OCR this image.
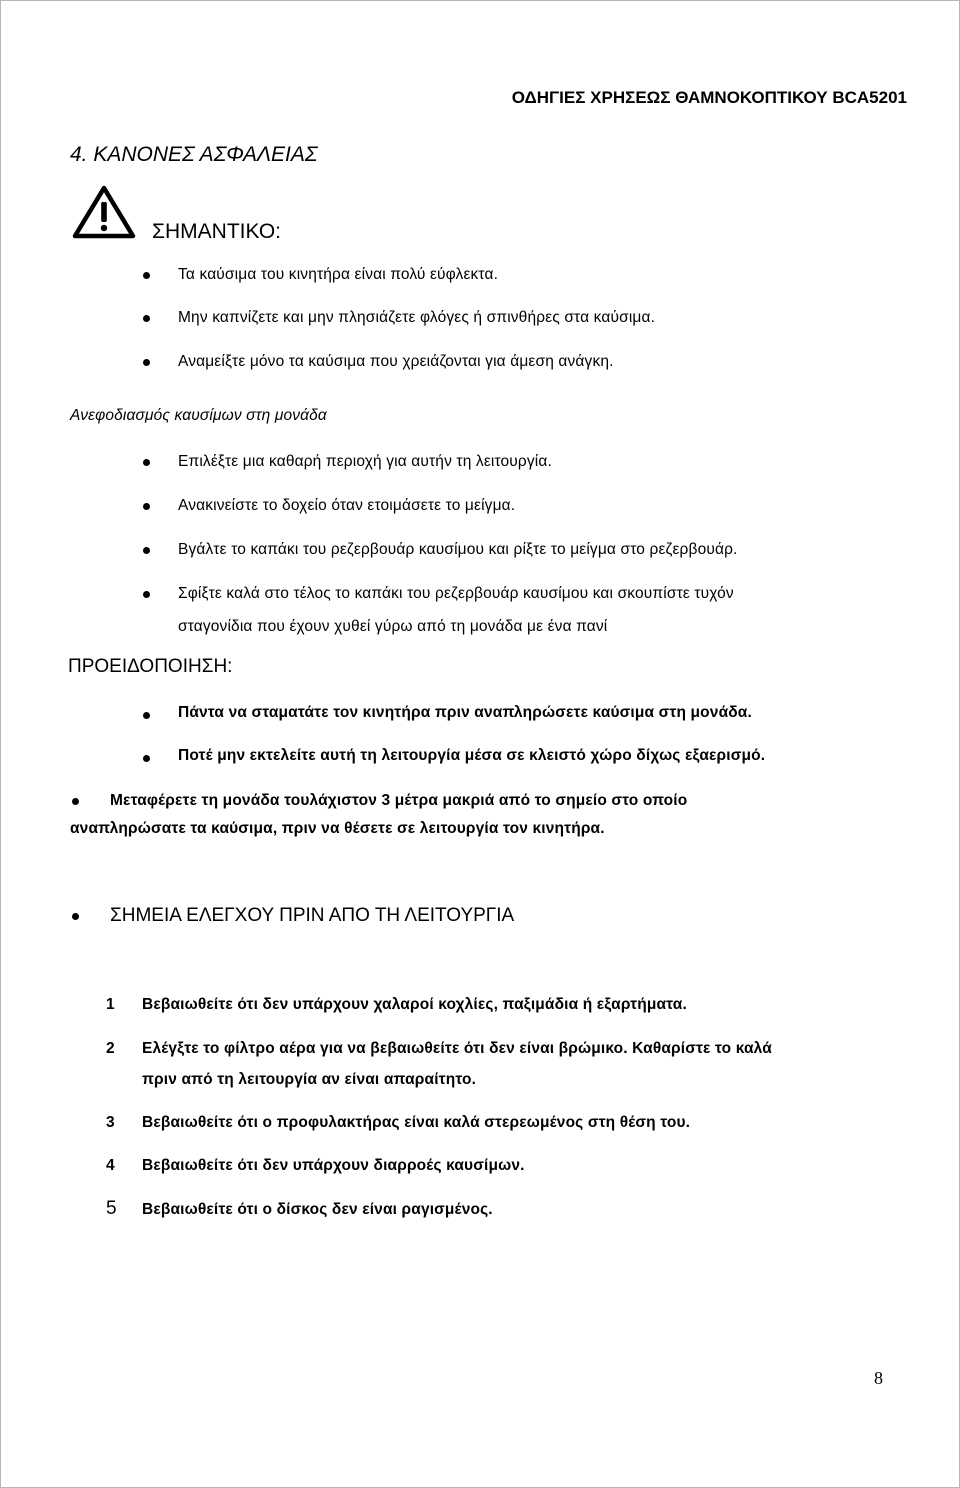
ΟΔΗΓΙΕΣ ΧΡΗΣΕΩΣ ΘΑΜΝΟΚΟΠΤΙΚΟΥ BCA5201
4. ΚΑΝΟΝΕΣ ΑΣΦΑΛΕΙΑΣ
ΣΗΜΑΝΤΙΚΟ:
Τα καύσιμα του κινητήρα είναι πολύ εύφλεκτα.
Μην καπνίζετε και μην πλησιάζετε φλόγες ή σπινθήρες στα καύσιμα.
Αναμείξτε μόνο τα καύσιμα που χρειάζονται για άμεση ανάγκη.
Ανεφοδιασμός καυσίμων στη μονάδα
Επιλέξτε μια καθαρή περιοχή για αυτήν τη λειτουργία.
Ανακινείστε το δοχείο όταν ετοιμάσετε το μείγμα.
Βγάλτε το καπάκι του ρεζερβουάρ καυσίμου και ρίξτε το μείγμα στο ρεζερβουάρ.
Σφίξτε καλά στο τέλος το καπάκι του ρεζερβουάρ καυσίμου και σκουπίστε τυχόν
σταγονίδια που έχουν χυθεί γύρω από τη μονάδα με ένα πανί
ΠΡΟΕΙΔΟΠΟΙΗΣΗ:
Πάντα να σταματάτε τον κινητήρα πριν αναπληρώσετε καύσιμα στη μονάδα.
Ποτέ μην εκτελείτε αυτή τη λειτουργία μέσα σε κλειστό χώρο δίχως εξαερισμό.
Μεταφέρετε τη μονάδα τουλάχιστον 3 μέτρα μακριά από το σημείο στο οποίο
αναπληρώσατε τα καύσιμα, πριν να θέσετε σε λειτουργία τον κινητήρα.
ΣΗΜΕΙΑ ΕΛΕΓΧΟΥ ΠΡΙΝ ΑΠΟ ΤΗ ΛΕΙΤΟΥΡΓΙΑ
1 Βεβαιωθείτε ότι δεν υπάρχουν χαλαροί κοχλίες, παξιμάδια ή εξαρτήματα.
2 Ελέγξτε το φίλτρο αέρα για να βεβαιωθείτε ότι δεν είναι βρώμικο. Καθαρίστε το καλά
πριν από τη λειτουργία αν είναι απαραίτητο.
3 Βεβαιωθείτε ότι ο προφυλακτήρας είναι καλά στερεωμένος στη θέση του.
4 Βεβαιωθείτε ότι δεν υπάρχουν διαρροές καυσίμων.
5 Βεβαιωθείτε ότι ο δίσκος δεν είναι ραγισμένος.
8
